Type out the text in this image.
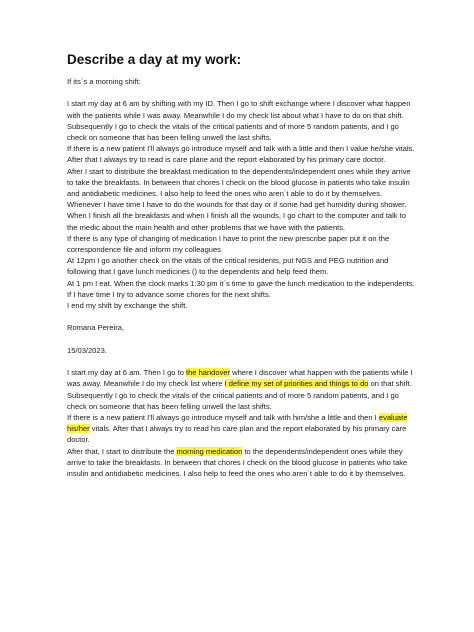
Describe a day at my work:

If its´s a morning shift:

I start my day at 6 am by shifting with my ID. Then I go to shift exchange where I discover what happen with the patients while I was away. Meanwhile I do my check list about what I have to do on that shift.

Subsequently I go to check the vitals of the critical patients and of more 5 random patients, and I go check on someone that has been felling unwell the last shifts.

If there is a new patient I'll always go introduce myself and talk with a little and then I value he/she vitals. After that I always try to read is care plane and the report elaborated by his primary care doctor.

After I start to distribute the breakfast medication to the dependents/independent ones while they arrive to take the breakfasts. In between that chores I check on the blood glucose in patients who take insulin and antidiabetic medicines. I also help to feed the ones who aren´t able to do it by themselves.

Whenever I have time I have to do the wounds for that day or if some had get humidity during shower.

When I finish all the breakfasts and when I finish all the wounds, I go chart to the computer and talk to the medic about the main health and other problems that we have with the patients.

If there is any type of changing of medication I have to print the new prescribe paper put it on the correspondence file and inform my colleagues

At 12pm I go another check on the vitals of the critical residents, put NGS and PEG nutrition and following that I gave lunch medicines () to the dependents and help feed them.

At 1 pm I eat. When the clock marks 1:30 pm it´s time to gave the lunch medication to the independents.

If I have time I try to advance some chores for the next shifts.

I end my shift by exchange the shift.

Romana Pereira,

15/03/2023.

I start my day at 6 am. Then I go to the handover where I discover what happen with the patients while I was away. Meanwhile I do my check list where I define my set of priorities and things to do on that shift.

Subsequently I go to check the vitals of the critical patients and of more 5 random patients, and I go check on someone that has been felling unwell the last shifts.

If there is a new patient I'll always go introduce myself and talk with him/she a little and then I evaluate his/her vitals. After that I always try to read his care plan and the report elaborated by his primary care doctor.

After that, I start to distribute the morning medication to the dependents/independent ones while they arrive to take the breakfasts. In between that chores I check on the blood glucose in patients who take insulin and antidiabetic medicines. I also help to feed the ones who aren´t able to do it by themselves.
